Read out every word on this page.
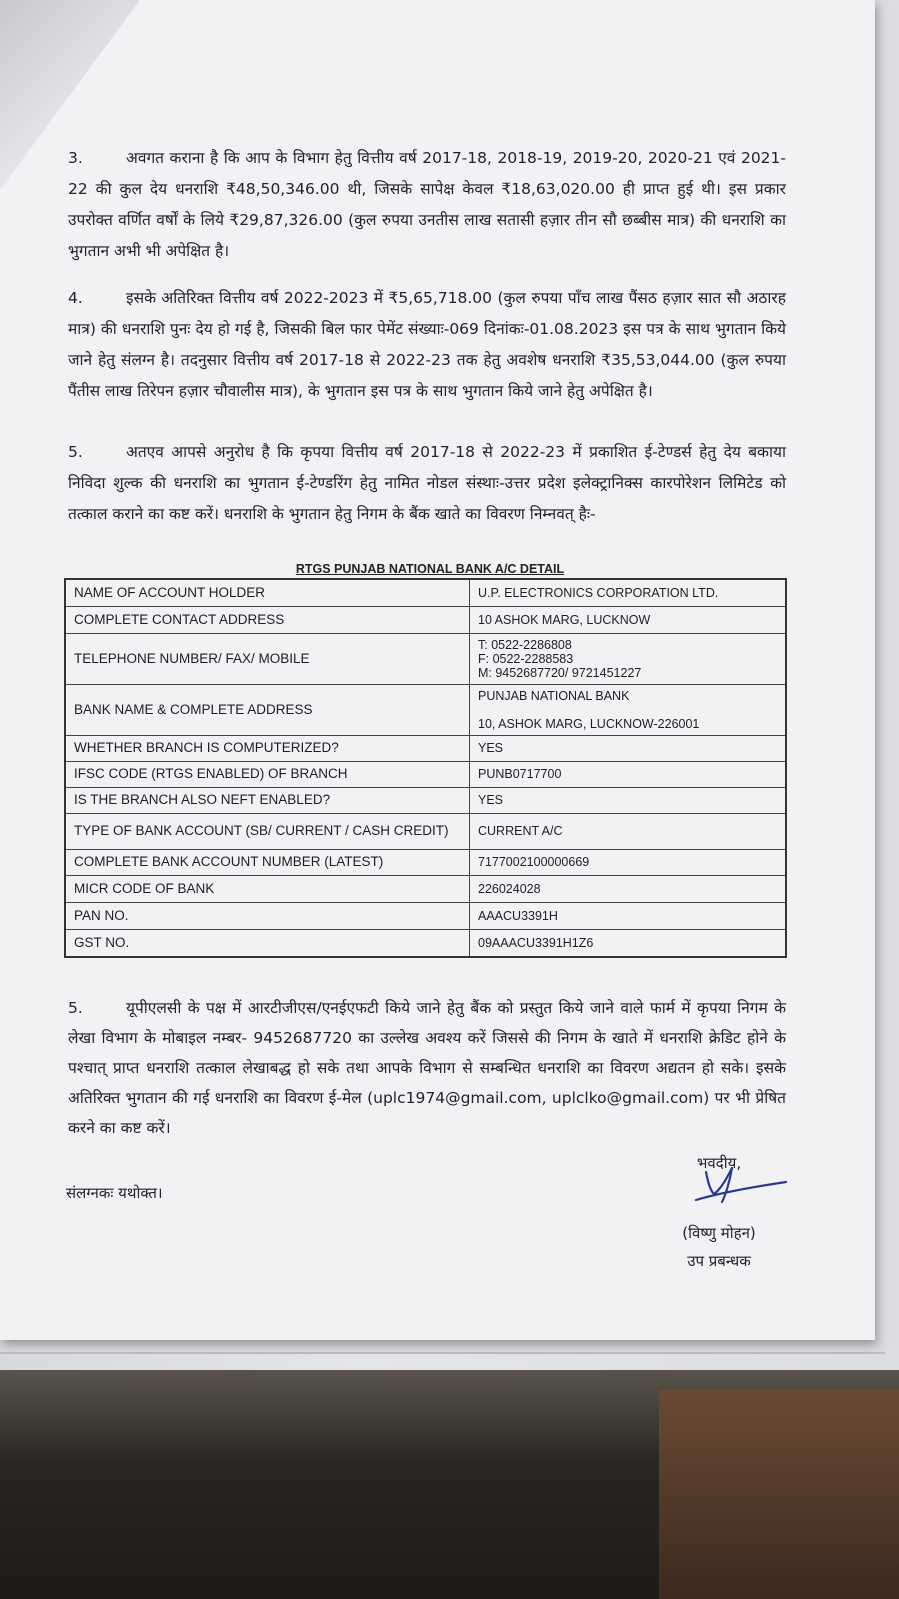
3.	अवगत कराना है कि आप के विभाग हेतु वित्तीय वर्ष 2017-18, 2018-19, 2019-20, 2020-21 एवं 2021-22 की कुल देय धनराशि ₹48,50,346.00 थी, जिसके सापेक्ष केवल ₹18,63,020.00 ही प्राप्त हुई थी। इस प्रकार उपरोक्त वर्णित वर्षों के लिये ₹29,87,326.00 (कुल रुपया उनतीस लाख सतासी हज़ार तीन सौ छब्बीस मात्र) की धनराशि का भुगतान अभी भी अपेक्षित है।

4.	इसके अतिरिक्त वित्तीय वर्ष 2022-2023 में ₹5,65,718.00 (कुल रुपया पाँच लाख पैंसठ हज़ार सात सौ अठारह मात्र) की धनराशि पुनः देय हो गई है, जिसकी बिल फार पेमेंट संख्याः-069 दिनांकः-01.08.2023 इस पत्र के साथ भुगतान किये जाने हेतु संलग्न है। तदनुसार वित्तीय वर्ष 2017-18 से 2022-23 तक हेतु अवशेष धनराशि ₹35,53,044.00 (कुल रुपया पैंतीस लाख तिरेपन हज़ार चौवालीस मात्र), के भुगतान इस पत्र के साथ भुगतान किये जाने हेतु अपेक्षित है।

5.	अतएव आपसे अनुरोध है कि कृपया वित्तीय वर्ष 2017-18 से 2022-23 में प्रकाशित ई-टेण्डर्स हेतु देय बकाया निविदा शुल्क की धनराशि का भुगतान ई-टेण्डरिंग हेतु नामित नोडल संस्थाः-उत्तर प्रदेश इलेक्ट्रानिक्स कारपोरेशन लिमिटेड को तत्काल कराने का कष्ट करें। धनराशि के भुगतान हेतु निगम के बैंक खाते का विवरण निम्नवत् हैः-

RTGS PUNJAB NATIONAL BANK A/C DETAIL
NAME OF ACCOUNT HOLDER	U.P. ELECTRONICS CORPORATION LTD.
COMPLETE CONTACT ADDRESS	10 ASHOK MARG, LUCKNOW
TELEPHONE NUMBER/ FAX/ MOBILE	T: 0522-2286808
F: 0522-2288583
M: 9452687720/ 9721451227
BANK NAME & COMPLETE ADDRESS	PUNJAB NATIONAL BANK

10, ASHOK MARG, LUCKNOW-226001
WHETHER BRANCH IS COMPUTERIZED?	YES
IFSC CODE (RTGS ENABLED) OF BRANCH	PUNB0717700
IS THE BRANCH ALSO NEFT ENABLED?	YES
TYPE OF BANK ACCOUNT (SB/ CURRENT / CASH CREDIT)	CURRENT A/C
COMPLETE BANK ACCOUNT NUMBER (LATEST)	7177002100000669
MICR CODE OF BANK	226024028
PAN NO.	AAACU3391H
GST NO.	09AAACU3391H1Z6

5.	यूपीएलसी के पक्ष में आरटीजीएस/एनईएफटी किये जाने हेतु बैंक को प्रस्तुत किये जाने वाले फार्म में कृपया निगम के लेखा विभाग के मोबाइल नम्बर- 9452687720 का उल्लेख अवश्य करें जिससे की निगम के खाते में धनराशि क्रेडिट होने के पश्चात् प्राप्त धनराशि तत्काल लेखाबद्ध हो सके तथा आपके विभाग से सम्बन्धित धनराशि का विवरण अद्यतन हो सके। इसके अतिरिक्त भुगतान की गई धनराशि का विवरण ई-मेल (uplc1974@gmail.com, uplclko@gmail.com) पर भी प्रेषित करने का कष्ट करें।

भवदीय,
(विष्णु मोहन)
उप प्रबन्धक
संलग्नकः यथोक्त।
